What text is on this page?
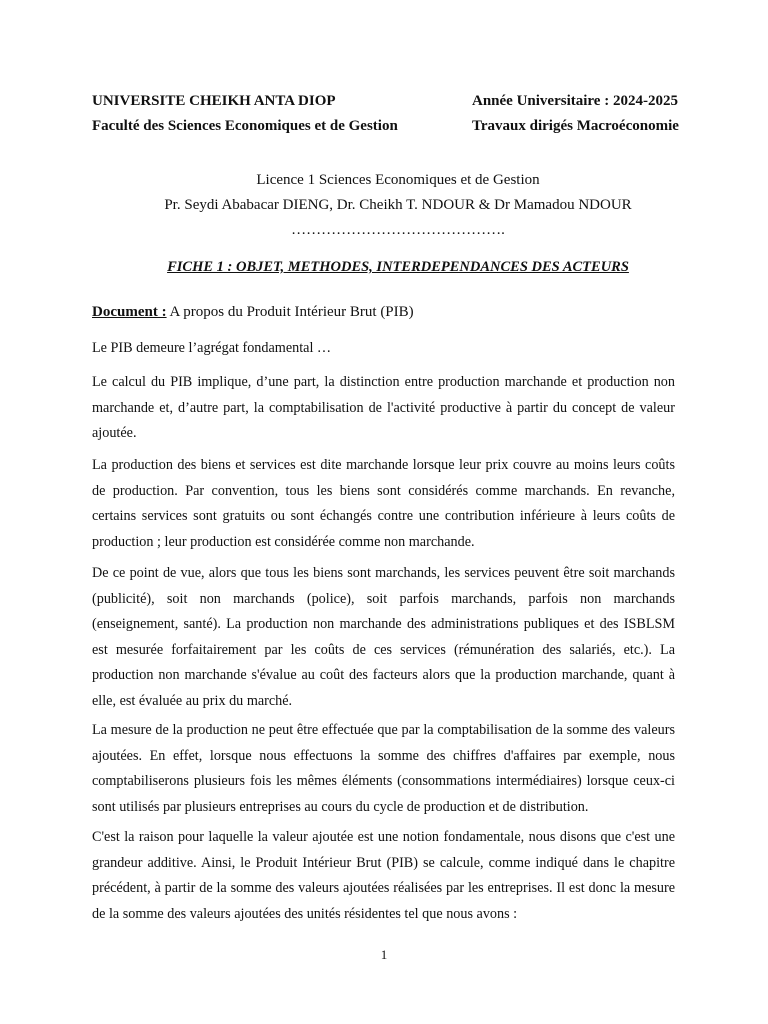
UNIVERSITE CHEIKH ANTA DIOP	Année Universitaire : 2024-2025
Faculté des Sciences Economiques et de Gestion	Travaux dirigés Macroéconomie
Licence 1 Sciences Economiques et de Gestion
Pr. Seydi Ababacar DIENG, Dr. Cheikh T. NDOUR & Dr Mamadou NDOUR
…………………………………….
FICHE 1 : OBJET, METHODES, INTERDEPENDANCES DES ACTEURS
Document : A propos du Produit Intérieur Brut (PIB)
Le PIB demeure l’agrégat fondamental …
Le calcul du PIB implique, d’une part, la distinction entre production marchande et production non marchande et, d’autre part, la comptabilisation de l'activité productive à partir du concept de valeur ajoutée.
La production des biens et services est dite marchande lorsque leur prix couvre au moins leurs coûts de production. Par convention, tous les biens sont considérés comme marchands. En revanche, certains services sont gratuits ou sont échangés contre une contribution inférieure à leurs coûts de production ; leur production est considérée comme non marchande.
De ce point de vue, alors que tous les biens sont marchands, les services peuvent être soit marchands (publicité), soit non marchands (police), soit parfois marchands, parfois non marchands (enseignement, santé). La production non marchande des administrations publiques et des ISBLSM est mesurée forfaitairement par les coûts de ces services (rémunération des salariés, etc.). La production non marchande s'évalue au coût des facteurs alors que la production marchande, quant à elle, est évaluée au prix du marché.
La mesure de la production ne peut être effectuée que par la comptabilisation de la somme des valeurs ajoutées. En effet, lorsque nous effectuons la somme des chiffres d'affaires par exemple, nous comptabiliserons plusieurs fois les mêmes éléments (consommations intermédiaires) lorsque ceux-ci sont utilisés par plusieurs entreprises au cours du cycle de production et de distribution.
C'est la raison pour laquelle la valeur ajoutée est une notion fondamentale, nous disons que c'est une grandeur additive. Ainsi, le Produit Intérieur Brut (PIB) se calcule, comme indiqué dans le chapitre précédent, à partir de la somme des valeurs ajoutées réalisées par les entreprises. Il est donc la mesure de la somme des valeurs ajoutées des unités résidentes tel que nous avons :
1
